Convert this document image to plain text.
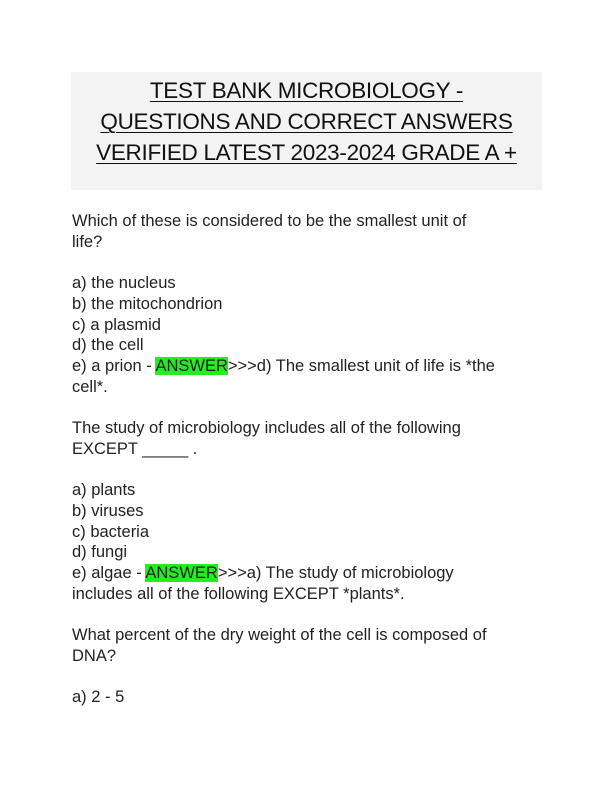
TEST BANK MICROBIOLOGY -
QUESTIONS AND CORRECT ANSWERS
VERIFIED LATEST 2023-2024 GRADE A +
Which of these is considered to be the smallest unit of
life?
a) the nucleus
b) the mitochondrion
c) a plasmid
d) the cell
e) a prion - ANSWER>>>d) The smallest unit of life is *the
cell*.
The study of microbiology includes all of the following
EXCEPT _____ .
a) plants
b) viruses
c) bacteria
d) fungi
e) algae - ANSWER>>>a) The study of microbiology
includes all of the following EXCEPT *plants*.
What percent of the dry weight of the cell is composed of
DNA?
a) 2 - 5
